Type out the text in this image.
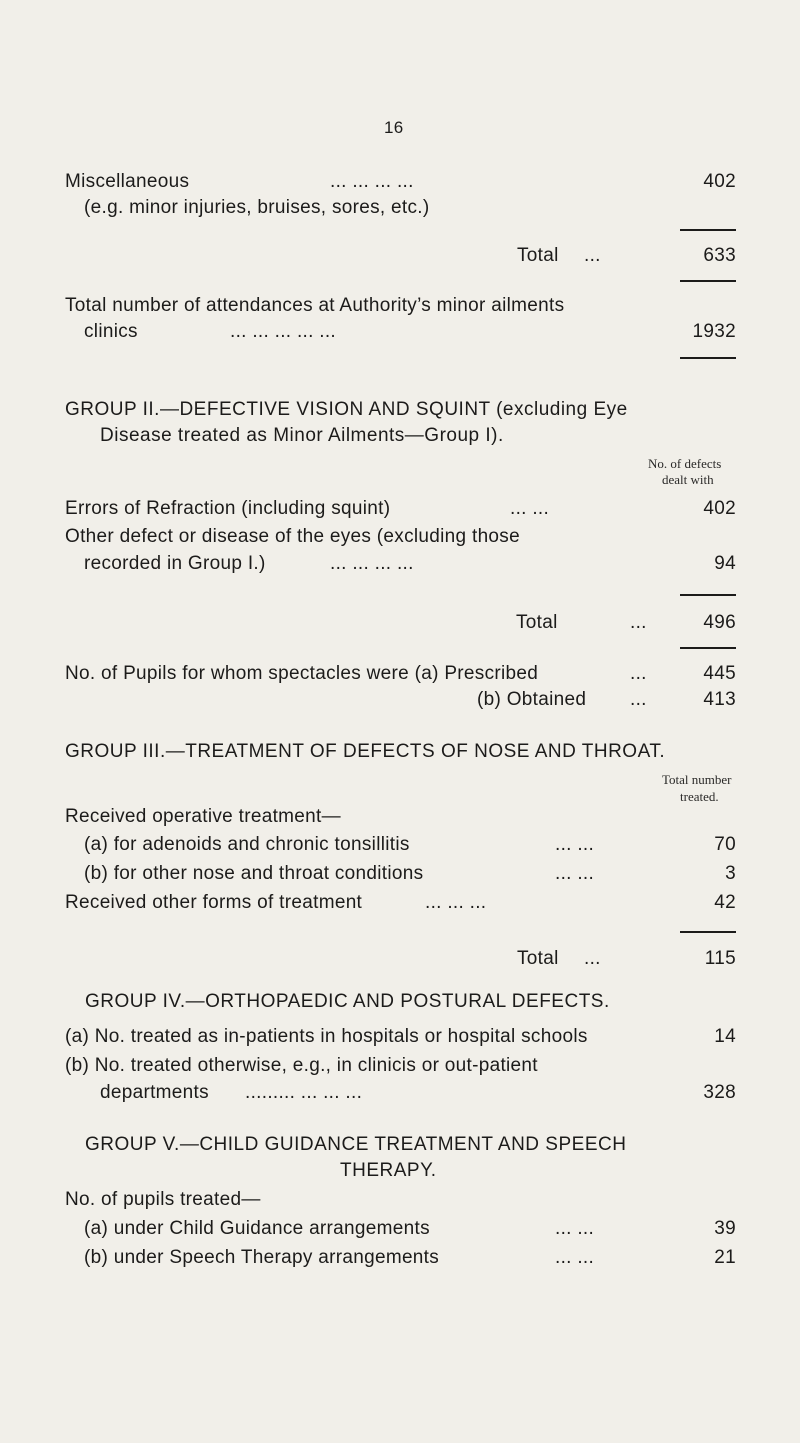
16
Miscellaneous	... ... ... ...	402
(e.g. minor injuries, bruises, sores, etc.)
Total ...	633
Total number of attendances at Authority’s minor ailments
clinics	... ... ... ... ...	1932
GROUP II.—DEFECTIVE VISION AND SQUINT (excluding Eye
Disease treated as Minor Ailments—Group I).
No. of defects
dealt with
Errors of Refraction (including squint)	... ...	402
Other defect or disease of the eyes (excluding those
recorded in Group I.)	... ... ... ...	94
Total	...	496
No. of Pupils for whom spectacles were (a) Prescribed	...	445
(b) Obtained ...	413
GROUP III.—TREATMENT OF DEFECTS OF NOSE AND THROAT.
Total number
treated.
Received operative treatment—
(a) for adenoids and chronic tonsillitis	... ...	70
(b) for other nose and throat conditions	... ...	3
Received other forms of treatment	... ... ...	42
Total ...	115
GROUP IV.—ORTHOPAEDIC AND POSTURAL DEFECTS.
(a) No. treated as in-patients in hospitals or hospital schools	14
(b) No. treated otherwise, e.g., in clinicis or out-patient
departments ......... ... ... ...	328
GROUP V.—CHILD GUIDANCE TREATMENT AND SPEECH
THERAPY.
No. of pupils treated—
(a) under Child Guidance arrangements	... ...	39
(b) under Speech Therapy arrangements	... ...	21
